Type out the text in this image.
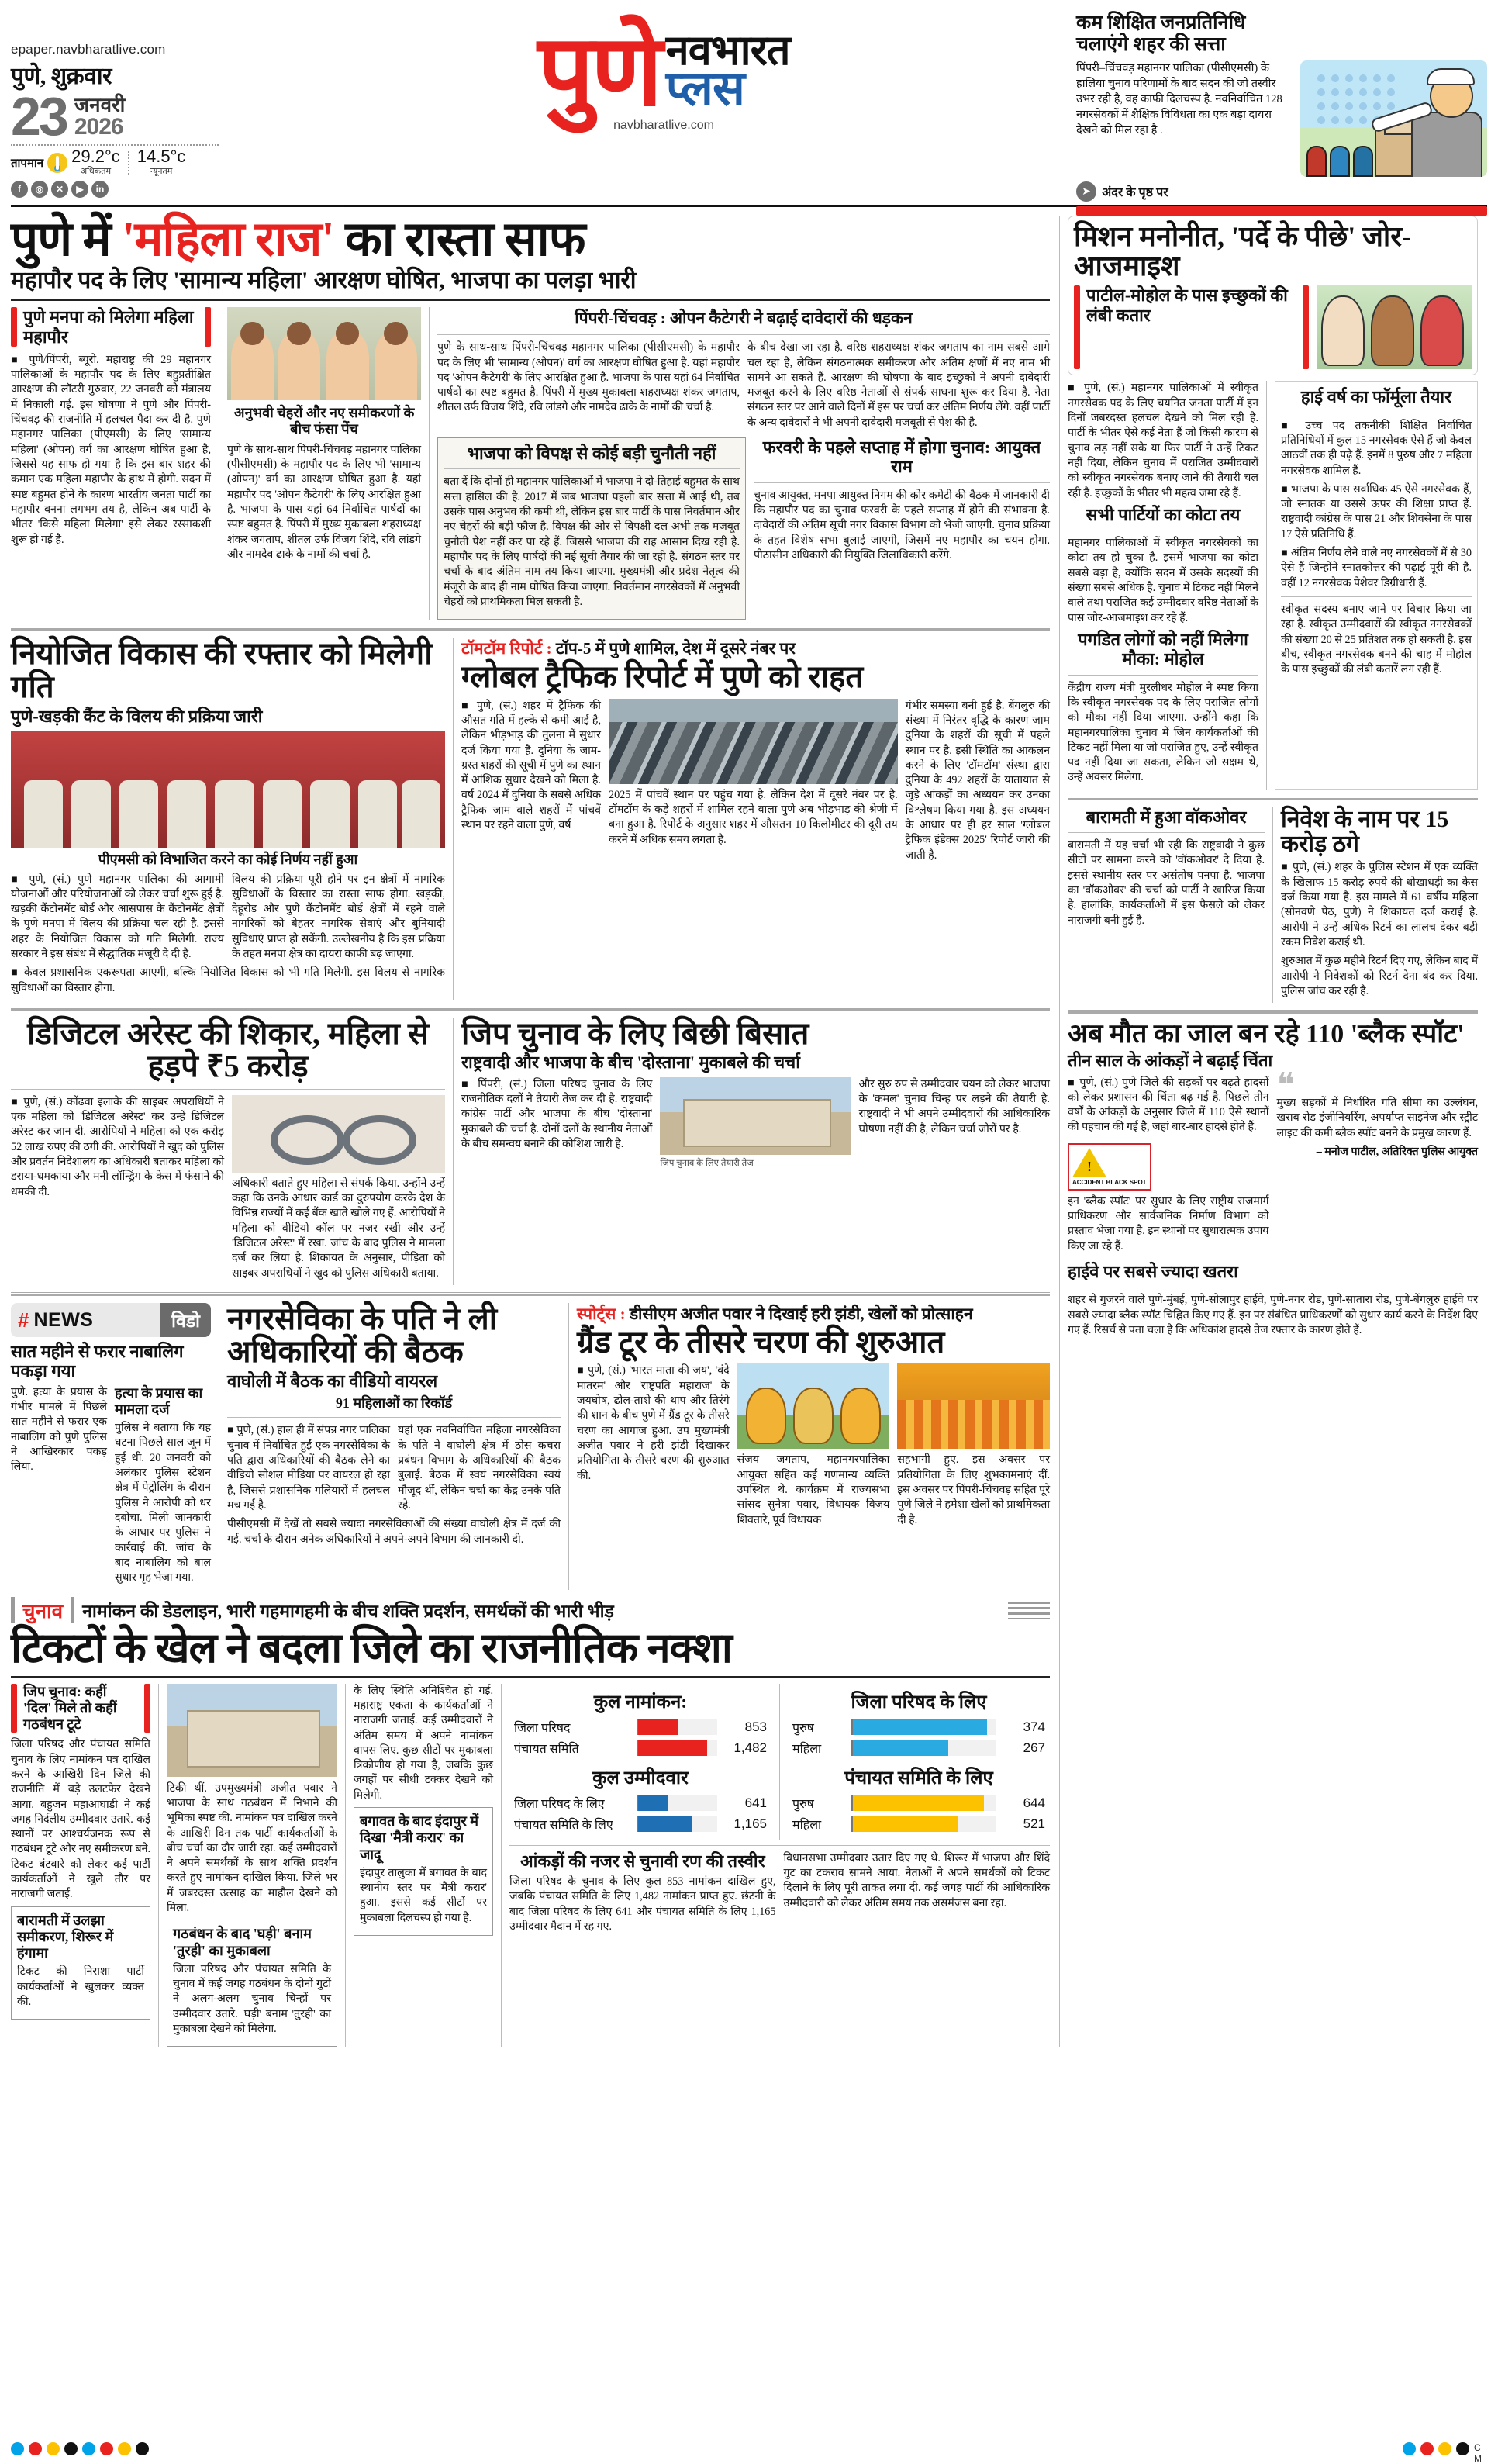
epaper.navbharatlive.com
पुणे, शुक्रवार
23 जनवरी
2026
तापमान 29.2°c
अधिकतम
14.5°c
न्यूनतम
f	◎	✕	▶	in
पुणे नवभारत
प्लस
navbharatlive.com
कम शिक्षित जनप्रतिनिधि
चलाएंगे शहर की सत्ता
पिंपरी–चिंचवड़ महानगर पालिका (पीसीएमसी) के हालिया चुनाव परिणामों के बाद सदन की जो तस्वीर उभर रही है, वह काफी दिलचस्प है. नवनिर्वाचित 128 नगरसेवकों में शैक्षिक विविधता का एक बड़ा दायरा देखने को मिल रहा है .
➤ अंदर के पृष्ठ पर
पुणे में 'महिला राज' का रास्ता साफ
महापौर पद के लिए 'सामान्य महिला' आरक्षण घोषित, भाजपा का पलड़ा भारी
पुणे मनपा को मिलेगा महिला महापौर

■ पुणे/पिंपरी, ब्यूरो. महाराष्ट्र की 29 महानगर पालिकाओं के महापौर पद के लिए बहुप्रतीक्षित आरक्षण की लॉटरी गुरुवार, 22 जनवरी को मंत्रालय में निकाली गई. इस घोषणा ने पुणे और पिंपरी-चिंचवड़ की राजनीति में हलचल पैदा कर दी है. पुणे महानगर पालिका (पीएमसी) के लिए 'सामान्य महिला' (ओपन) वर्ग का आरक्षण घोषित हुआ है, जिससे यह साफ हो गया है कि इस बार शहर की कमान एक महिला महापौर के हाथ में होगी. सदन में स्पष्ट बहुमत होने के कारण भारतीय जनता पार्टी का महापौर बनना लगभग तय है, लेकिन अब पार्टी के भीतर 'किसे महिला मिलेगा' इसे लेकर रस्साकशी शुरू हो गई है.

अनुभवी चेहरों और नए समीकरणों के बीच फंसा पेंच

पुणे के साथ-साथ पिंपरी-चिंचवड़ महानगर पालिका (पीसीएमसी) के महापौर पद के लिए भी 'सामान्य (ओपन)' वर्ग का आरक्षण घोषित हुआ है. यहां महापौर पद 'ओपन कैटेगरी' के लिए आरक्षित हुआ है. भाजपा के पास यहां 64 निर्वाचित पार्षदों का स्पष्ट बहुमत है. पिंपरी में मुख्य मुकाबला शहराध्यक्ष शंकर जगताप, शीतल उर्फ विजय शिंदे, रवि लांडगे और नामदेव ढाके के नामों की चर्चा है.

पिंपरी-चिंचवड़ : ओपन कैटेगरी ने बढ़ाई दावेदारों की धड़कन

पुणे के साथ-साथ पिंपरी-चिंचवड़ महानगर पालिका (पीसीएमसी) के महापौर पद के लिए भी 'सामान्य (ओपन)' वर्ग का आरक्षण घोषित हुआ है. यहां महापौर पद 'ओपन कैटेगरी' के लिए आरक्षित हुआ है. भाजपा के पास यहां 64 निर्वाचित पार्षदों का स्पष्ट बहुमत है. पिंपरी में मुख्य मुकाबला शहराध्यक्ष शंकर जगताप, शीतल उर्फ विजय शिंदे, रवि लांडगे और नामदेव ढाके के नामों की चर्चा है.

के बीच देखा जा रहा है. वरिष्ठ शहराध्यक्ष शंकर जगताप का नाम सबसे आगे चल रहा है, लेकिन संगठनात्मक समीकरण और अंतिम क्षणों में नए नाम भी सामने आ सकते हैं. आरक्षण की घोषणा के बाद इच्छुकों ने अपनी दावेदारी मजबूत करने के लिए वरिष्ठ नेताओं से संपर्क साधना शुरू कर दिया है. नेता संगठन स्तर पर आने वाले दिनों में इस पर चर्चा कर अंतिम निर्णय लेंगे. वहीं पार्टी के अन्य दावेदारों ने भी अपनी दावेदारी मजबूती से पेश की है.

भाजपा को विपक्ष से कोई बड़ी चुनौती नहीं

बता दें कि दोनों ही महानगर पालिकाओं में भाजपा ने दो-तिहाई बहुमत के साथ सत्ता हासिल की है. 2017 में जब भाजपा पहली बार सत्ता में आई थी, तब उसके पास अनुभव की कमी थी, लेकिन इस बार पार्टी के पास निवर्तमान और नए चेहरों की बड़ी फौज है. विपक्ष की ओर से विपक्षी दल अभी तक मजबूत चुनौती पेश नहीं कर पा रहे हैं. जिससे भाजपा की राह आसान दिख रही है. महापौर पद के लिए पार्षदों की नई सूची तैयार की जा रही है. संगठन स्तर पर चर्चा के बाद अंतिम नाम तय किया जाएगा. मुख्यमंत्री और प्रदेश नेतृत्व की मंजूरी के बाद ही नाम घोषित किया जाएगा. निवर्तमान नगरसेवकों में अनुभवी चेहरों को प्राथमिकता मिल सकती है.

फरवरी के पहले सप्ताह में होगा चुनाव: आयुक्त राम

चुनाव आयुक्त, मनपा आयुक्त निगम की कोर कमेटी की बैठक में जानकारी दी कि महापौर पद का चुनाव फरवरी के पहले सप्ताह में होने की संभावना है. दावेदारों की अंतिम सूची नगर विकास विभाग को भेजी जाएगी. चुनाव प्रक्रिया के तहत विशेष सभा बुलाई जाएगी, जिसमें नए महापौर का चयन होगा. पीठासीन अधिकारी की नियुक्ति जिलाधिकारी करेंगे.

नियोजित विकास की रफ्तार को मिलेगी गति
पुणे-खड़की कैंट के विलय की प्रक्रिया जारी
पीएमसी को विभाजित करने का कोई निर्णय नहीं हुआ

■ पुणे, (सं.) पुणे महानगर पालिका की आगामी योजनाओं और परियोजनाओं को लेकर चर्चा शुरू हुई है. खड़की कैंटोनमेंट बोर्ड और आसपास के कैंटोनमेंट क्षेत्रों के पुणे मनपा में विलय की प्रक्रिया चल रही है. इससे शहर के नियोजित विकास को गति मिलेगी. राज्य सरकार ने इस संबंध में सैद्धांतिक मंजूरी दे दी है.

विलय की प्रक्रिया पूरी होने पर इन क्षेत्रों में नागरिक सुविधाओं के विस्तार का रास्ता साफ होगा. खड़की, देहूरोड और पुणे कैंटोनमेंट बोर्ड क्षेत्रों में रहने वाले नागरिकों को बेहतर नागरिक सेवाएं और बुनियादी सुविधाएं प्राप्त हो सकेंगी. उल्लेखनीय है कि इस प्रक्रिया के तहत मनपा क्षेत्र का दायरा काफी बढ़ जाएगा.

■ केवल प्रशासनिक एकरूपता आएगी, बल्कि नियोजित विकास को भी गति मिलेगी. इस विलय से नागरिक सुविधाओं का विस्तार होगा.

टॉमटॉम रिपोर्ट : टॉप-5 में पुणे शामिल, देश में दूसरे नंबर पर
ग्लोबल ट्रैफिक रिपोर्ट में पुणे को राहत

■ पुणे, (सं.) शहर में ट्रैफिक की औसत गति में हल्के से कमी आई है, लेकिन भीड़भाड़ की तुलना में सुधार दर्ज किया गया है. दुनिया के जाम-ग्रस्त शहरों की सूची में पुणे का स्थान में आंशिक सुधार देखने को मिला है. वर्ष 2024 में दुनिया के सबसे अधिक ट्रैफिक जाम वाले शहरों में पांचवें स्थान पर रहने वाला पुणे, वर्ष

2025 में पांचवें स्थान पर पहुंच गया है. लेकिन देश में दूसरे नंबर पर है. टॉमटॉम के कड़े शहरों में शामिल रहने वाला पुणे अब भीड़भाड़ की श्रेणी में बना हुआ है. रिपोर्ट के अनुसार शहर में औसतन 10 किलोमीटर की दूरी तय करने में अधिक समय लगता है.

गंभीर समस्या बनी हुई है. बेंगलुरु की संख्या में निरंतर वृद्धि के कारण जाम दुनिया के शहरों की सूची में पहले स्थान पर है. इसी स्थिति का आकलन करने के लिए 'टॉमटॉम' संस्था द्वारा दुनिया के 492 शहरों के यातायात से जुड़े आंकड़ों का अध्ययन कर उनका विश्लेषण किया गया है. इस अध्ययन के आधार पर ही हर साल 'ग्लोबल ट्रैफिक इंडेक्स 2025' रिपोर्ट जारी की जाती है.

डिजिटल अरेस्ट की शिकार, महिला से हड़पे ₹5 करोड़

■ पुणे, (सं.) कोंढवा इलाके की साइबर अपराधियों ने एक महिला को 'डिजिटल अरेस्ट' कर उन्हें डिजिटल अरेस्ट कर जान दी. आरोपियों ने महिला को एक करोड़ 52 लाख रुपए की ठगी की. आरोपियों ने खुद को पुलिस और प्रवर्तन निदेशालय का अधिकारी बताकर महिला को डराया-धमकाया और मनी लॉन्ड्रिंग के केस में फंसाने की धमकी दी.

अधिकारी बताते हुए महिला से संपर्क किया. उन्होंने उन्हें कहा कि उनके आधार कार्ड का दुरुपयोग करके देश के विभिन्न राज्यों में कई बैंक खाते खोले गए हैं. आरोपियों ने महिला को वीडियो कॉल पर नजर रखी और उन्हें 'डिजिटल अरेस्ट' में रखा. जांच के बाद पुलिस ने मामला दर्ज कर लिया है. शिकायत के अनुसार, पीड़िता को साइबर अपराधियों ने खुद को पुलिस अधिकारी बताया.

जिप चुनाव के लिए बिछी बिसात
राष्ट्रवादी और भाजपा के बीच 'दोस्ताना' मुकाबले की चर्चा

■ पिंपरी, (सं.) जिला परिषद चुनाव के लिए राजनीतिक दलों ने तैयारी तेज कर दी है. राष्ट्रवादी कांग्रेस पार्टी और भाजपा के बीच 'दोस्ताना' मुकाबले की चर्चा है. दोनों दलों के स्थानीय नेताओं के बीच समन्वय बनाने की कोशिश जारी है.

जिप चुनाव के लिए तैयारी तेज

और सुरु रुप से उम्मीदवार चयन को लेकर भाजपा के 'कमल' चुनाव चिन्ह पर लड़ने की तैयारी है. राष्ट्रवादी ने भी अपने उम्मीदवारों की आधिकारिक घोषणा नहीं की है, लेकिन चर्चा जोरों पर है.

# NEWS	विडो
सात महीने से फरार नाबालिग पकड़ा गया

पुणे. हत्या के प्रयास के गंभीर मामले में पिछले सात महीने से फरार एक नाबालिग को पुणे पुलिस ने आखिरकार पकड़ लिया.

हत्या के प्रयास का मामला दर्ज

पुलिस ने बताया कि यह घटना पिछले साल जून में हुई थी. 20 जनवरी को अलंकार पुलिस स्टेशन क्षेत्र में पेट्रोलिंग के दौरान पुलिस ने आरोपी को धर दबोचा. मिली जानकारी के आधार पर पुलिस ने कार्रवाई की. जांच के बाद नाबालिग को बाल सुधार गृह भेजा गया.

नगरसेविका के पति ने ली अधिकारियों की बैठक
वाघोली में बैठक का वीडियो वायरल
91 महिलाओं का रिकॉर्ड

■ पुणे, (सं.) हाल ही में संपन्न नगर पालिका चुनाव में निर्वाचित हुईं एक नगरसेविका के पति द्वारा अधिकारियों की बैठक लेने का वीडियो सोशल मीडिया पर वायरल हो रहा है, जिससे प्रशासनिक गलियारों में हलचल मच गई है.

यहां एक नवनिर्वाचित महिला नगरसेविका के पति ने वाघोली क्षेत्र में ठोस कचरा प्रबंधन विभाग के अधिकारियों की बैठक बुलाई. बैठक में स्वयं नगरसेविका स्वयं मौजूद थीं, लेकिन चर्चा का केंद्र उनके पति रहे.

पीसीएमसी में देखें तो सबसे ज्यादा नगरसेविकाओं की संख्या वाघोली क्षेत्र में दर्ज की गई. चर्चा के दौरान अनेक अधिकारियों ने अपने-अपने विभाग की जानकारी दी.

स्पोर्ट्स : डीसीएम अजीत पवार ने दिखाई हरी झंडी, खेलों को प्रोत्साहन
ग्रैंड टूर के तीसरे चरण की शुरुआत

■ पुणे, (सं.) 'भारत माता की जय', 'वंदे मातरम' और 'राष्ट्रपति महाराज' के जयघोष, ढोल-ताशे की थाप और तिरंगे की शान के बीच पुणे में ग्रैंड टूर के तीसरे चरण का आगाज हुआ. उप मुख्यमंत्री अजीत पवार ने हरी झंडी दिखाकर प्रतियोगिता के तीसरे चरण की शुरुआत की.

संजय जगताप, महानगरपालिका आयुक्त सहित कई गणमान्य व्यक्ति उपस्थित थे. कार्यक्रम में राज्यसभा सांसद सुनेत्रा पवार, विधायक विजय शिवतारे, पूर्व विधायक

सहभागी हुए. इस अवसर पर प्रतियोगिता के लिए शुभकामनाएं दीं. इस अवसर पर पिंपरी-चिंचवड़ सहित पूरे पुणे जिले ने हमेशा खेलों को प्राथमिकता दी है.

चुनाव नामांकन की डेडलाइन, भारी गहमागहमी के बीच शक्ति प्रदर्शन, समर्थकों की भारी भीड़
टिकटों के खेल ने बदला जिले का राजनीतिक नक्शा
जिप चुनाव: कहीं 'दिल' मिले तो कहीं गठबंधन टूटे

जिला परिषद और पंचायत समिति चुनाव के लिए नामांकन पत्र दाखिल करने के आखिरी दिन जिले की राजनीति में बड़े उलटफेर देखने आया. बहुजन महाआघाडी ने कई जगह निर्दलीय उम्मीदवार उतारे. कई स्थानों पर आश्चर्यजनक रूप से गठबंधन टूटे और नए समीकरण बने. टिकट बंटवारे को लेकर कई पार्टी कार्यकर्ताओं ने खुले तौर पर नाराजगी जताई.

बारामती में उलझा समीकरण, शिरूर में हंगामा

टिकट की निराशा पार्टी कार्यकर्ताओं ने खुलकर व्यक्त की.

टिकी थीं. उपमुख्यमंत्री अजीत पवार ने भाजपा के साथ गठबंधन में निभाने की भूमिका स्पष्ट की. नामांकन पत्र दाखिल करने के आखिरी दिन तक पार्टी कार्यकर्ताओं के बीच चर्चा का दौर जारी रहा. कई उम्मीदवारों ने अपने समर्थकों के साथ शक्ति प्रदर्शन करते हुए नामांकन दाखिल किया. जिले भर में जबरदस्त उत्साह का माहौल देखने को मिला.

गठबंधन के बाद 'घड़ी' बनाम 'तुरही' का मुकाबला

जिला परिषद और पंचायत समिति के चुनाव में कई जगह गठबंधन के दोनों गुटों ने अलग-अलग चुनाव चिन्हों पर उम्मीदवार उतारे. 'घड़ी' बनाम 'तुरही' का मुकाबला देखने को मिलेगा.

के लिए स्थिति अनिश्चित हो गई. महाराष्ट्र एकता के कार्यकर्ताओं ने नाराजगी जताई. कई उम्मीदवारों ने अंतिम समय में अपने नामांकन वापस लिए. कुछ सीटों पर मुकाबला त्रिकोणीय हो गया है, जबकि कुछ जगहों पर सीधी टक्कर देखने को मिलेगी.

बगावत के बाद इंदापुर में दिखा 'मैत्री करार' का जादू

इंदापुर तालुका में बगावत के बाद स्थानीय स्तर पर 'मैत्री करार' हुआ. इससे कई सीटों पर मुकाबला दिलचस्प हो गया है.

कुल नामांकन:
जिला परिषद	853
पंचायत समिति	1,482
कुल उम्मीदवार
जिला परिषद के लिए	641
पंचायत समिति के लिए	1,165
जिला परिषद के लिए
पुरुष	374
महिला	267
पंचायत समिति के लिए
पुरुष	644
महिला	521
आंकड़ों की नजर से चुनावी रण की तस्वीर

जिला परिषद के चुनाव के लिए कुल 853 नामांकन दाखिल हुए, जबकि पंचायत समिति के लिए 1,482 नामांकन प्राप्त हुए. छंटनी के बाद जिला परिषद के लिए 641 और पंचायत समिति के लिए 1,165 उम्मीदवार मैदान में रह गए.

विधानसभा उम्मीदवार उतार दिए गए थे. शिरूर में भाजपा और शिंदे गुट का टकराव सामने आया. नेताओं ने अपने समर्थकों को टिकट दिलाने के लिए पूरी ताकत लगा दी. कई जगह पार्टी की आधिकारिक उम्मीदवारी को लेकर अंतिम समय तक असमंजस बना रहा.

मिशन मनोनीत, 'पर्दे के पीछे' जोर-आजमाइश
पाटील-मोहोल के पास इच्छुकों की लंबी कतार

■ पुणे, (सं.) महानगर पालिकाओं में स्वीकृत नगरसेवक पद के लिए चयनित जनता पार्टी में इन दिनों जबरदस्त हलचल देखने को मिल रही है. पार्टी के भीतर ऐसे कई नेता हैं जो किसी कारण से चुनाव लड़ नहीं सके या फिर पार्टी ने उन्हें टिकट नहीं दिया, लेकिन चुनाव में पराजित उम्मीदवारों को स्वीकृत नगरसेवक बनाए जाने की तैयारी चल रही है. इच्छुकों के भीतर भी महत्व जमा रहे हैं.

सभी पार्टियों का कोटा तय

महानगर पालिकाओं में स्वीकृत नगरसेवकों का कोटा तय हो चुका है. इसमें भाजपा का कोटा सबसे बड़ा है, क्योंकि सदन में उसके सदस्यों की संख्या सबसे अधिक है. चुनाव में टिकट नहीं मिलने वाले तथा पराजित कई उम्मीदवार वरिष्ठ नेताओं के पास जोर-आजमाइश कर रहे हैं.

पगडित लोगों को नहीं मिलेगा मौका: मोहोल

केंद्रीय राज्य मंत्री मुरलीधर मोहोल ने स्पष्ट किया कि स्वीकृत नगरसेवक पद के लिए पराजित लोगों को मौका नहीं दिया जाएगा. उन्होंने कहा कि महानगरपालिका चुनाव में जिन कार्यकर्ताओं की टिकट नहीं मिला या जो पराजित हुए, उन्हें स्वीकृत पद नहीं दिया जा सकता, लेकिन जो सक्षम थे, उन्हें अवसर मिलेगा.

हाई वर्ष का फॉर्मूला तैयार

■ उच्च पद तकनीकी शिक्षित निर्वाचित प्रतिनिधियों में कुल 15 नगरसेवक ऐसे हैं जो केवल आठवीं तक ही पढ़े हैं. इनमें 8 पुरुष और 7 महिला नगरसेवक शामिल हैं.

■ भाजपा के पास सर्वाधिक 45 ऐसे नगरसेवक हैं, जो स्नातक या उससे ऊपर की शिक्षा प्राप्त हैं. राष्ट्रवादी कांग्रेस के पास 21 और शिवसेना के पास 17 ऐसे प्रतिनिधि हैं.

■ अंतिम निर्णय लेने वाले नए नगरसेवकों में से 30 ऐसे हैं जिन्होंने स्नातकोत्तर की पढ़ाई पूरी की है. वहीं 12 नगरसेवक पेशेवर डिग्रीधारी हैं.

स्वीकृत सदस्य बनाए जाने पर विचार किया जा रहा है. स्वीकृत उम्मीदवारों की स्वीकृत नगरसेवकों की संख्या 20 से 25 प्रतिशत तक हो सकती है. इस बीच, स्वीकृत नगरसेवक बनने की चाह में मोहोल के पास इच्छुकों की लंबी कतारें लग रही हैं.

बारामती में हुआ वॉकओवर

बारामती में यह चर्चा भी रही कि राष्ट्रवादी ने कुछ सीटों पर सामना करने को 'वॉकओवर' दे दिया है. इससे स्थानीय स्तर पर असंतोष पनपा है. भाजपा का 'वॉकओवर' की चर्चा को पार्टी ने खारिज किया है. हालांकि, कार्यकर्ताओं में इस फैसले को लेकर नाराजगी बनी हुई है.

निवेश के नाम पर 15 करोड़ ठगे

■ पुणे, (सं.) शहर के पुलिस स्टेशन में एक व्यक्ति के खिलाफ 15 करोड़ रुपये की धोखाधड़ी का केस दर्ज किया गया है. इस मामले में 61 वर्षीय महिला (सोनवणे पेठ, पुणे) ने शिकायत दर्ज कराई है. आरोपी ने उन्हें अधिक रिटर्न का लालच देकर बड़ी रकम निवेश कराई थी.

शुरुआत में कुछ महीने रिटर्न दिए गए, लेकिन बाद में आरोपी ने निवेशकों को रिटर्न देना बंद कर दिया. पुलिस जांच कर रही है.

अब मौत का जाल बन रहे 110 'ब्लैक स्पॉट'
तीन साल के आंकड़ों ने बढ़ाई चिंता

■ पुणे, (सं.) पुणे जिले की सड़कों पर बढ़ते हादसों को लेकर प्रशासन की चिंता बढ़ गई है. पिछले तीन वर्षों के आंकड़ों के अनुसार जिले में 110 ऐसे स्थानों की पहचान की गई है, जहां बार-बार हादसे होते हैं.

!
ACCIDENT BLACK SPOT

इन 'ब्लैक स्पॉट' पर सुधार के लिए राष्ट्रीय राजमार्ग प्राधिकरण और सार्वजनिक निर्माण विभाग को प्रस्ताव भेजा गया है. इन स्थानों पर सुधारात्मक उपाय किए जा रहे हैं.

❝

मुख्य सड़कों में निर्धारित गति सीमा का उल्लंघन, खराब रोड इंजीनियरिंग, अपर्याप्त साइनेज और स्ट्रीट लाइट की कमी ब्लैक स्पॉट बनने के प्रमुख कारण हैं.

– मनोज पाटील, अतिरिक्त पुलिस आयुक्त

हाईवे पर सबसे ज्यादा खतरा

शहर से गुजरने वाले पुणे-मुंबई, पुणे-सोलापुर हाईवे, पुणे-नगर रोड, पुणे-सातारा रोड, पुणे-बेंगलुरु हाईवे पर सबसे ज्यादा ब्लैक स्पॉट चिह्नित किए गए हैं. इन पर संबंधित प्राधिकरणों को सुधार कार्य करने के निर्देश दिए गए हैं. रिसर्च से पता चला है कि अधिकांश हादसे तेज रफ्तार के कारण होते हैं.

C M
